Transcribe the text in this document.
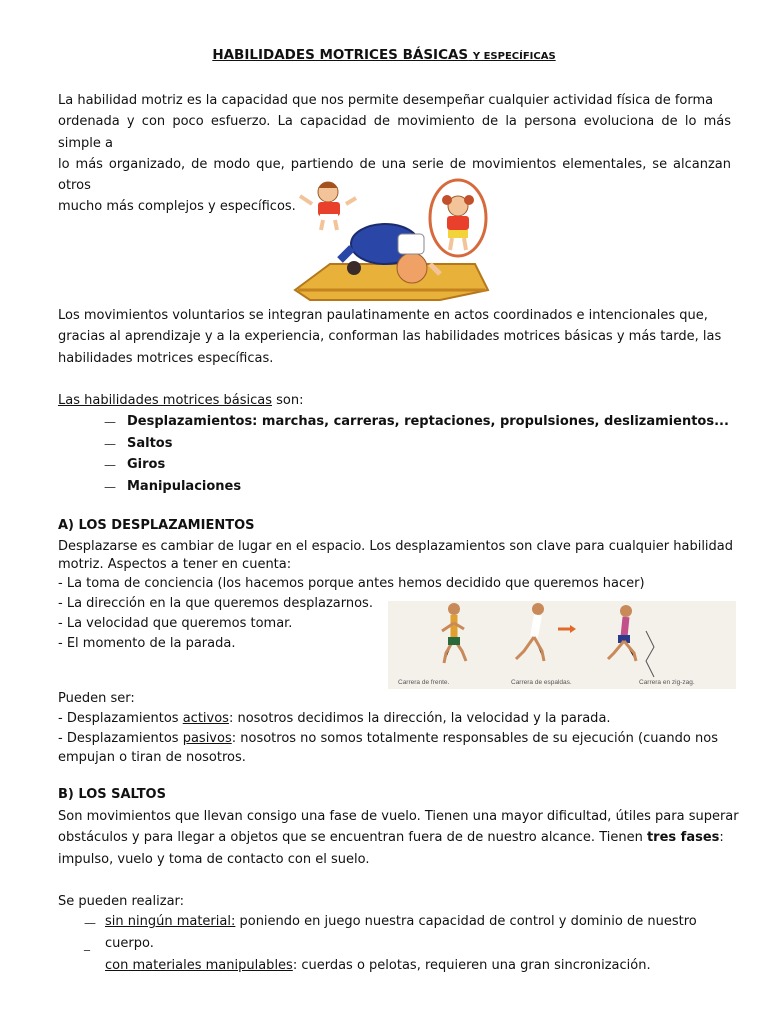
HABILIDADES MOTRICES BÁSICAS Y ESPECÍFICAS
La habilidad motriz es la capacidad que nos permite desempeñar cualquier actividad física de forma
ordenada y con poco esfuerzo. La capacidad de movimiento de la persona evoluciona de lo más simple a
lo más organizado, de modo que, partiendo de una serie de movimientos elementales, se alcanzan otros
mucho más complejos y específicos.
Los movimientos voluntarios se integran paulatinamente en actos coordinados e intencionales que,
gracias al aprendizaje y a la experiencia, conforman las habilidades motrices básicas y más tarde, las
habilidades motrices específicas.
Las habilidades motrices básicas son:
— Desplazamientos: marchas, carreras, reptaciones, propulsiones, deslizamientos...
— Saltos
— Giros
— Manipulaciones
A) LOS DESPLAZAMIENTOS
Desplazarse es cambiar de lugar en el espacio. Los desplazamientos son clave para cualquier habilidad
motriz. Aspectos a tener en cuenta:
- La toma de conciencia (los hacemos porque antes hemos decidido que queremos hacer)
- La dirección en la que queremos desplazarnos.
- La velocidad que queremos tomar.
- El momento de la parada.
Carrera de frente.	Carrera de espaldas.	Carrera en zig-zag.
Pueden ser:
- Desplazamientos activos: nosotros decidimos la dirección, la velocidad y la parada.
- Desplazamientos pasivos: nosotros no somos totalmente responsables de su ejecución (cuando nos
empujan o tiran de nosotros.
B) LOS SALTOS
Son movimientos que llevan consigo una fase de vuelo. Tienen una mayor dificultad, útiles para superar
obstáculos y para llegar a objetos que se encuentran fuera de de nuestro alcance. Tienen tres fases:
impulso, vuelo y toma de contacto con el suelo.
Se pueden realizar:
— sin ningún material: poniendo en juego nuestra capacidad de control y dominio de nuestro
_ cuerpo.
con materiales manipulables: cuerdas o pelotas, requieren una gran sincronización.
